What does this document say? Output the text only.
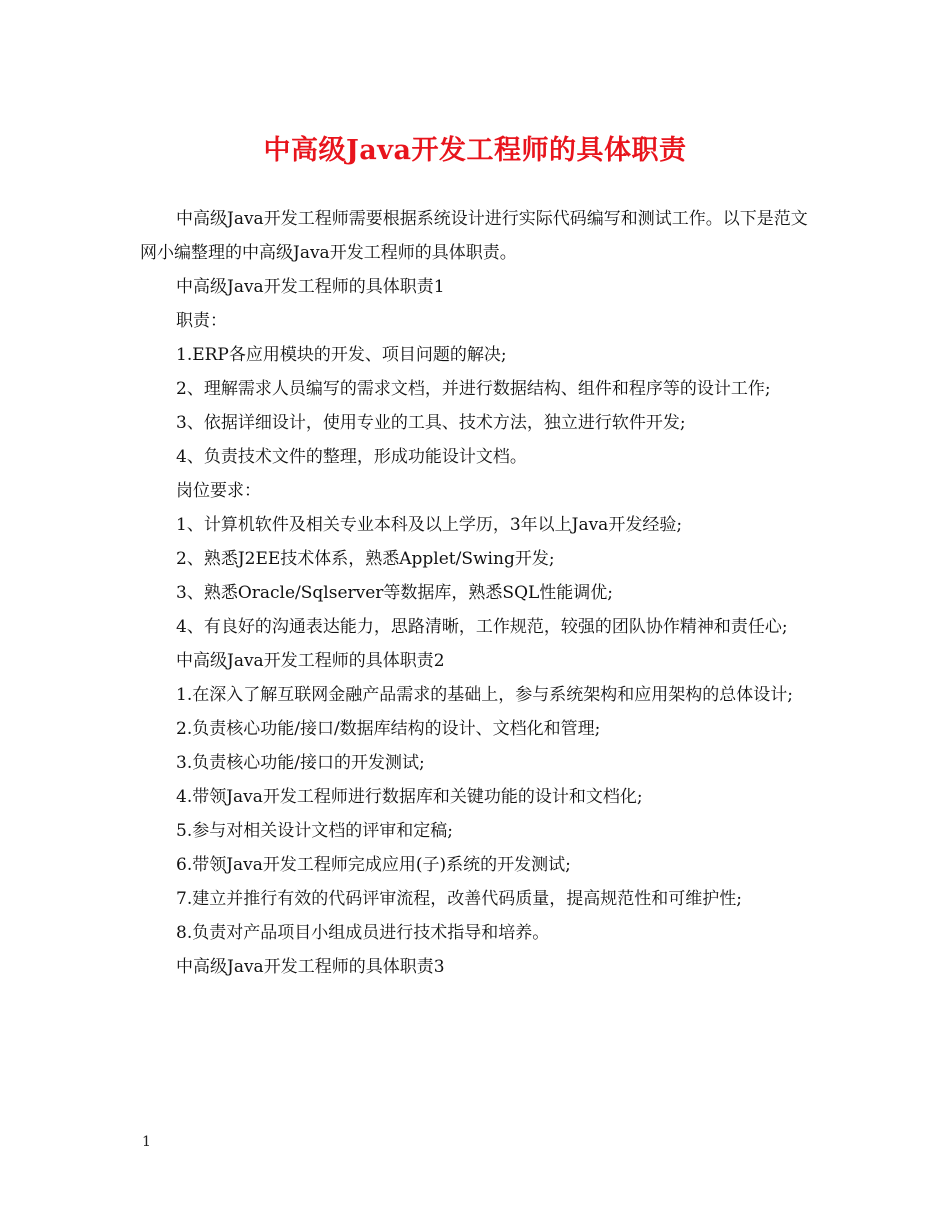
中高级Java开发工程师的具体职责

中高级Java开发工程师需要根据系统设计进行实际代码编写和测试工作。以下是范文网小编整理的中高级Java开发工程师的具体职责。

中高级Java开发工程师的具体职责1

职责：

1.ERP各应用模块的开发、项目问题的解决;

2、理解需求人员编写的需求文档，并进行数据结构、组件和程序等的设计工作;

3、依据详细设计，使用专业的工具、技术方法，独立进行软件开发;

4、负责技术文件的整理，形成功能设计文档。

岗位要求：

1、计算机软件及相关专业本科及以上学历，3年以上Java开发经验;

2、熟悉J2EE技术体系，熟悉Applet/Swing开发;

3、熟悉Oracle/Sqlserver等数据库，熟悉SQL性能调优;

4、有良好的沟通表达能力，思路清晰，工作规范，较强的团队协作精神和责任心;

中高级Java开发工程师的具体职责2

1.在深入了解互联网金融产品需求的基础上，参与系统架构和应用架构的总体设计;

2.负责核心功能/接口/数据库结构的设计、文档化和管理;

3.负责核心功能/接口的开发测试;

4.带领Java开发工程师进行数据库和关键功能的设计和文档化;

5.参与对相关设计文档的评审和定稿;

6.带领Java开发工程师完成应用(子)系统的开发测试;

7.建立并推行有效的代码评审流程，改善代码质量，提高规范性和可维护性;

8.负责对产品项目小组成员进行技术指导和培养。

中高级Java开发工程师的具体职责3

1
